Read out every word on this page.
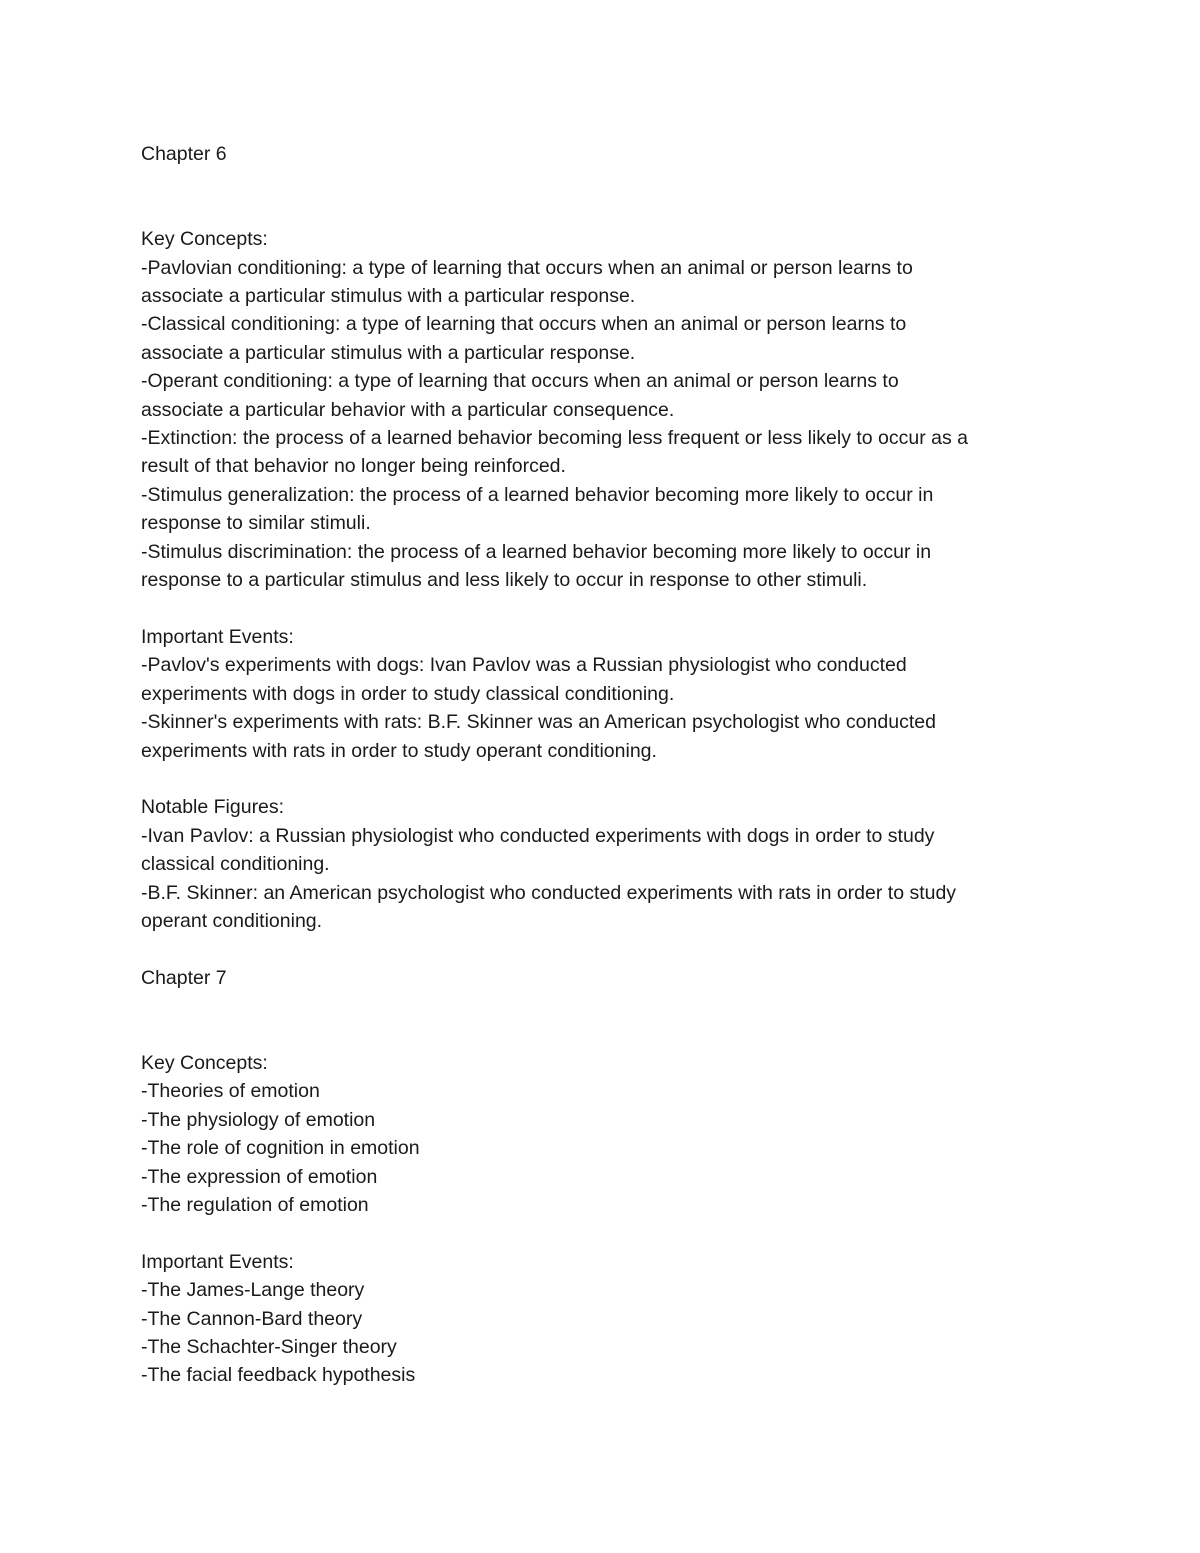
Chapter 6
Key Concepts:
-Pavlovian conditioning: a type of learning that occurs when an animal or person learns to
associate a particular stimulus with a particular response.
-Classical conditioning: a type of learning that occurs when an animal or person learns to
associate a particular stimulus with a particular response.
-Operant conditioning: a type of learning that occurs when an animal or person learns to
associate a particular behavior with a particular consequence.
-Extinction: the process of a learned behavior becoming less frequent or less likely to occur as a
result of that behavior no longer being reinforced.
-Stimulus generalization: the process of a learned behavior becoming more likely to occur in
response to similar stimuli.
-Stimulus discrimination: the process of a learned behavior becoming more likely to occur in
response to a particular stimulus and less likely to occur in response to other stimuli.
Important Events:
-Pavlov's experiments with dogs: Ivan Pavlov was a Russian physiologist who conducted
experiments with dogs in order to study classical conditioning.
-Skinner's experiments with rats: B.F. Skinner was an American psychologist who conducted
experiments with rats in order to study operant conditioning.
Notable Figures:
-Ivan Pavlov: a Russian physiologist who conducted experiments with dogs in order to study
classical conditioning.
-B.F. Skinner: an American psychologist who conducted experiments with rats in order to study
operant conditioning.
Chapter 7
Key Concepts:
-Theories of emotion
-The physiology of emotion
-The role of cognition in emotion
-The expression of emotion
-The regulation of emotion
Important Events:
-The James-Lange theory
-The Cannon-Bard theory
-The Schachter-Singer theory
-The facial feedback hypothesis
